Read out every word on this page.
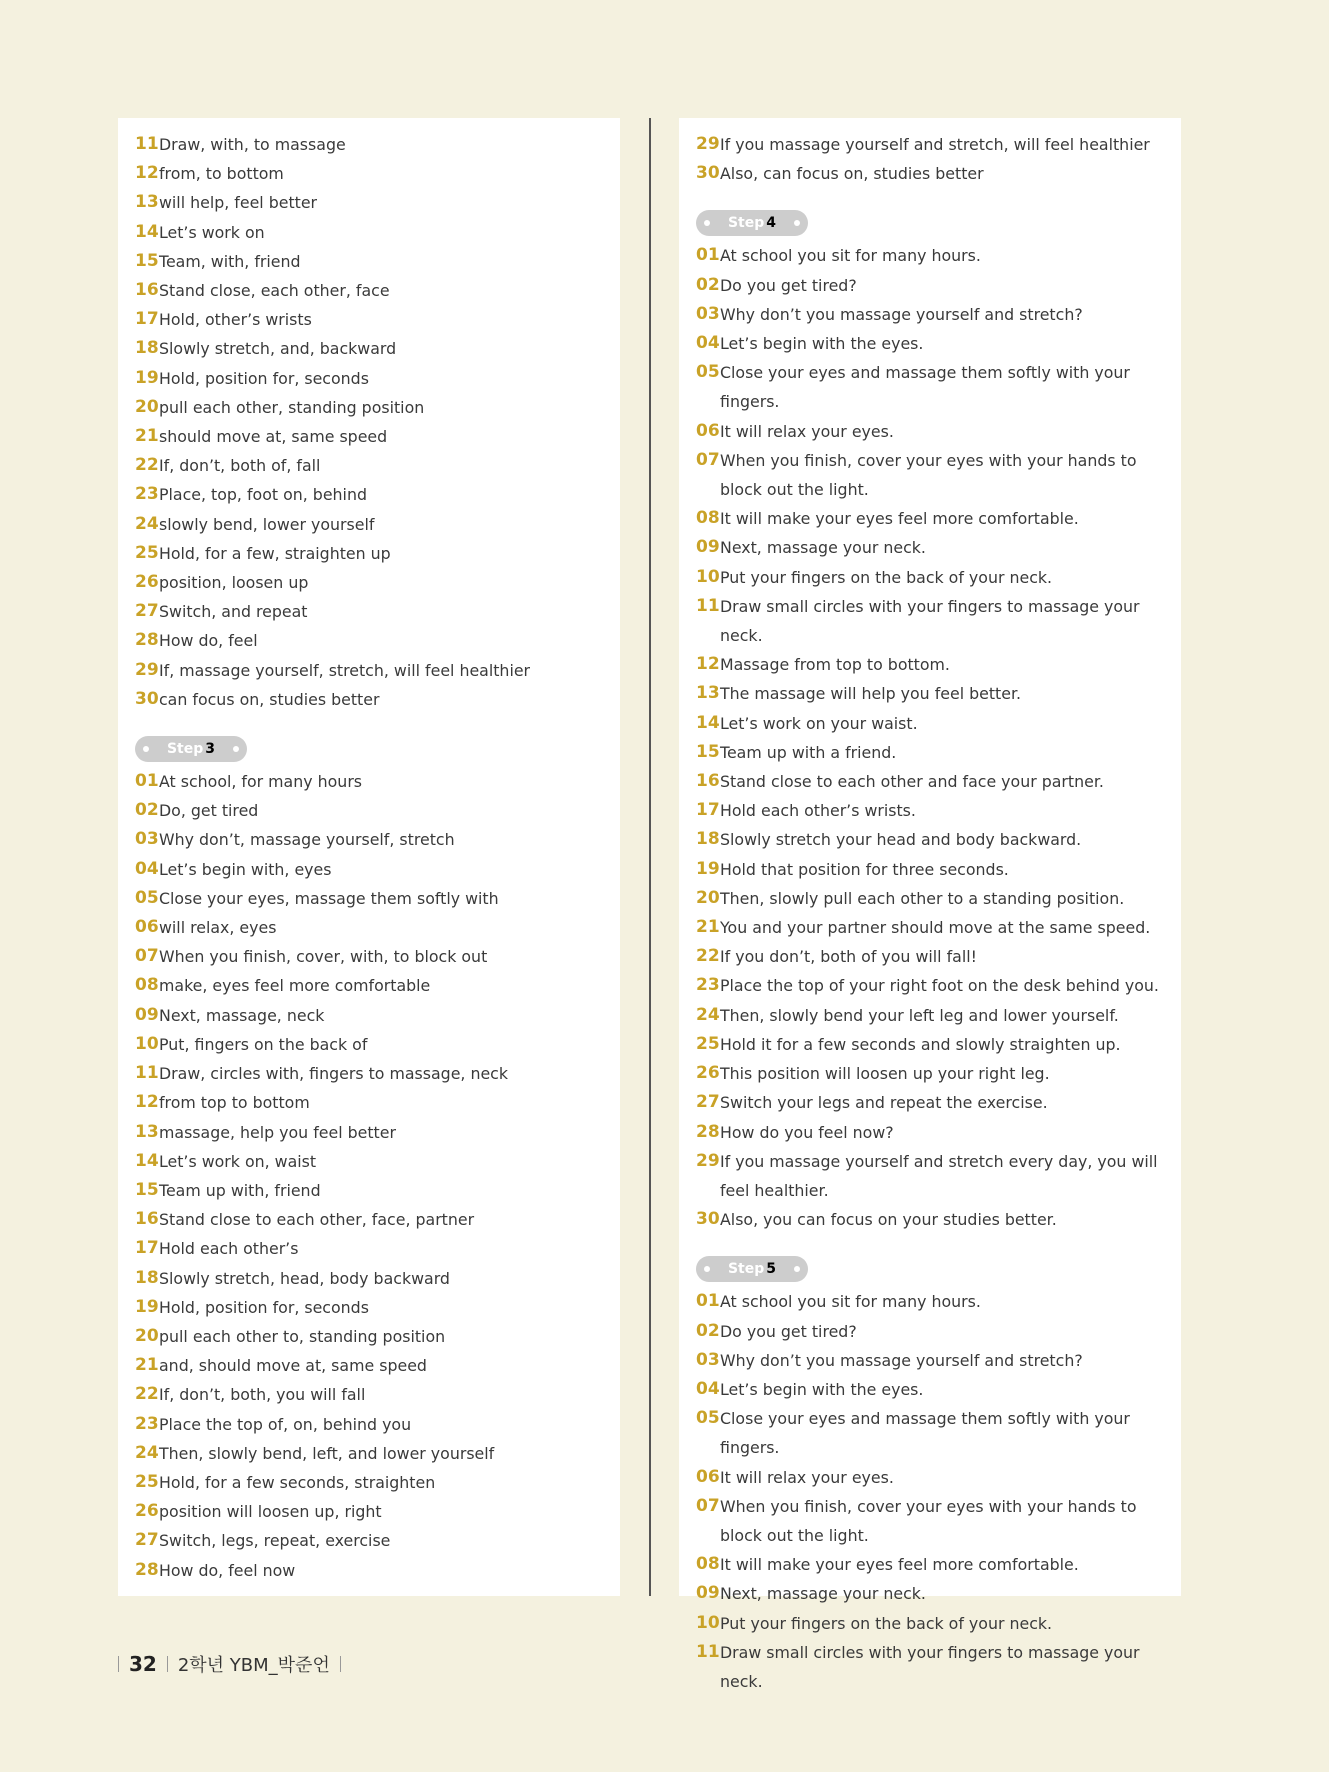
11 Draw, with, to massage
12 from, to bottom
13 will help, feel better
14 Let’s work on
15 Team, with, friend
16 Stand close, each other, face
17 Hold, other’s wrists
18 Slowly stretch, and, backward
19 Hold, position for, seconds
20 pull each other, standing position
21 should move at, same speed
22 If, don’t, both of, fall
23 Place, top, foot on, behind
24 slowly bend, lower yourself
25 Hold, for a few, straighten up
26 position, loosen up
27 Switch, and repeat
28 How do, feel
29 If, massage yourself, stretch, will feel healthier
30 can focus on, studies better
Step 3
01 At school, for many hours
02 Do, get tired
03 Why don’t, massage yourself, stretch
04 Let’s begin with, eyes
05 Close your eyes, massage them softly with
06 will relax, eyes
07 When you finish, cover, with, to block out
08 make, eyes feel more comfortable
09 Next, massage, neck
10 Put, fingers on the back of
11 Draw, circles with, fingers to massage, neck
12 from top to bottom
13 massage, help you feel better
14 Let’s work on, waist
15 Team up with, friend
16 Stand close to each other, face, partner
17 Hold each other’s
18 Slowly stretch, head, body backward
19 Hold, position for, seconds
20 pull each other to, standing position
21 and, should move at, same speed
22 If, don’t, both, you will fall
23 Place the top of, on, behind you
24 Then, slowly bend, left, and lower yourself
25 Hold, for a few seconds, straighten
26 position will loosen up, right
27 Switch, legs, repeat, exercise
28 How do, feel now
29 If you massage yourself and stretch, will feel healthier
30 Also, can focus on, studies better
Step 4
01 At school you sit for many hours.
02 Do you get tired?
03 Why don’t you massage yourself and stretch?
04 Let’s begin with the eyes.
05 Close your eyes and massage them softly with your fingers.
06 It will relax your eyes.
07 When you finish, cover your eyes with your hands to block out the light.
08 It will make your eyes feel more comfortable.
09 Next, massage your neck.
10 Put your fingers on the back of your neck.
11 Draw small circles with your fingers to massage your neck.
12 Massage from top to bottom.
13 The massage will help you feel better.
14 Let’s work on your waist.
15 Team up with a friend.
16 Stand close to each other and face your partner.
17 Hold each other’s wrists.
18 Slowly stretch your head and body backward.
19 Hold that position for three seconds.
20 Then, slowly pull each other to a standing position.
21 You and your partner should move at the same speed.
22 If you don’t, both of you will fall!
23 Place the top of your right foot on the desk behind you.
24 Then, slowly bend your left leg and lower yourself.
25 Hold it for a few seconds and slowly straighten up.
26 This position will loosen up your right leg.
27 Switch your legs and repeat the exercise.
28 How do you feel now?
29 If you massage yourself and stretch every day, you will feel healthier.
30 Also, you can focus on your studies better.
Step 5
01 At school you sit for many hours.
02 Do you get tired?
03 Why don’t you massage yourself and stretch?
04 Let’s begin with the eyes.
05 Close your eyes and massage them softly with your fingers.
06 It will relax your eyes.
07 When you finish, cover your eyes with your hands to block out the light.
08 It will make your eyes feel more comfortable.
09 Next, massage your neck.
10 Put your fingers on the back of your neck.
11 Draw small circles with your fingers to massage your neck.
32 2학년 YBM_박준언
